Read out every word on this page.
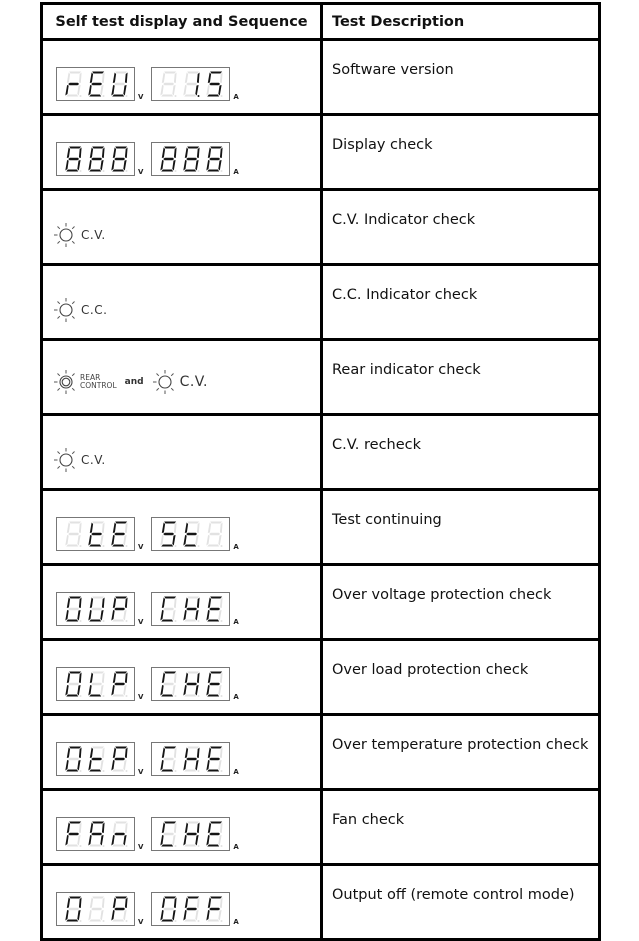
Self test display and Sequence	Test Description

V A	Software version

V A	Display check

C.V.	C.V. Indicator check

C.C.	C.C. Indicator check

REAR
CONTROL and C.V.	Rear indicator check

C.V.	C.V. recheck

V A	Test continuing

V A	Over voltage protection check

V A	Over load protection check

V A	Over temperature protection check

V A	Fan check

V A	Output off (remote control mode)
